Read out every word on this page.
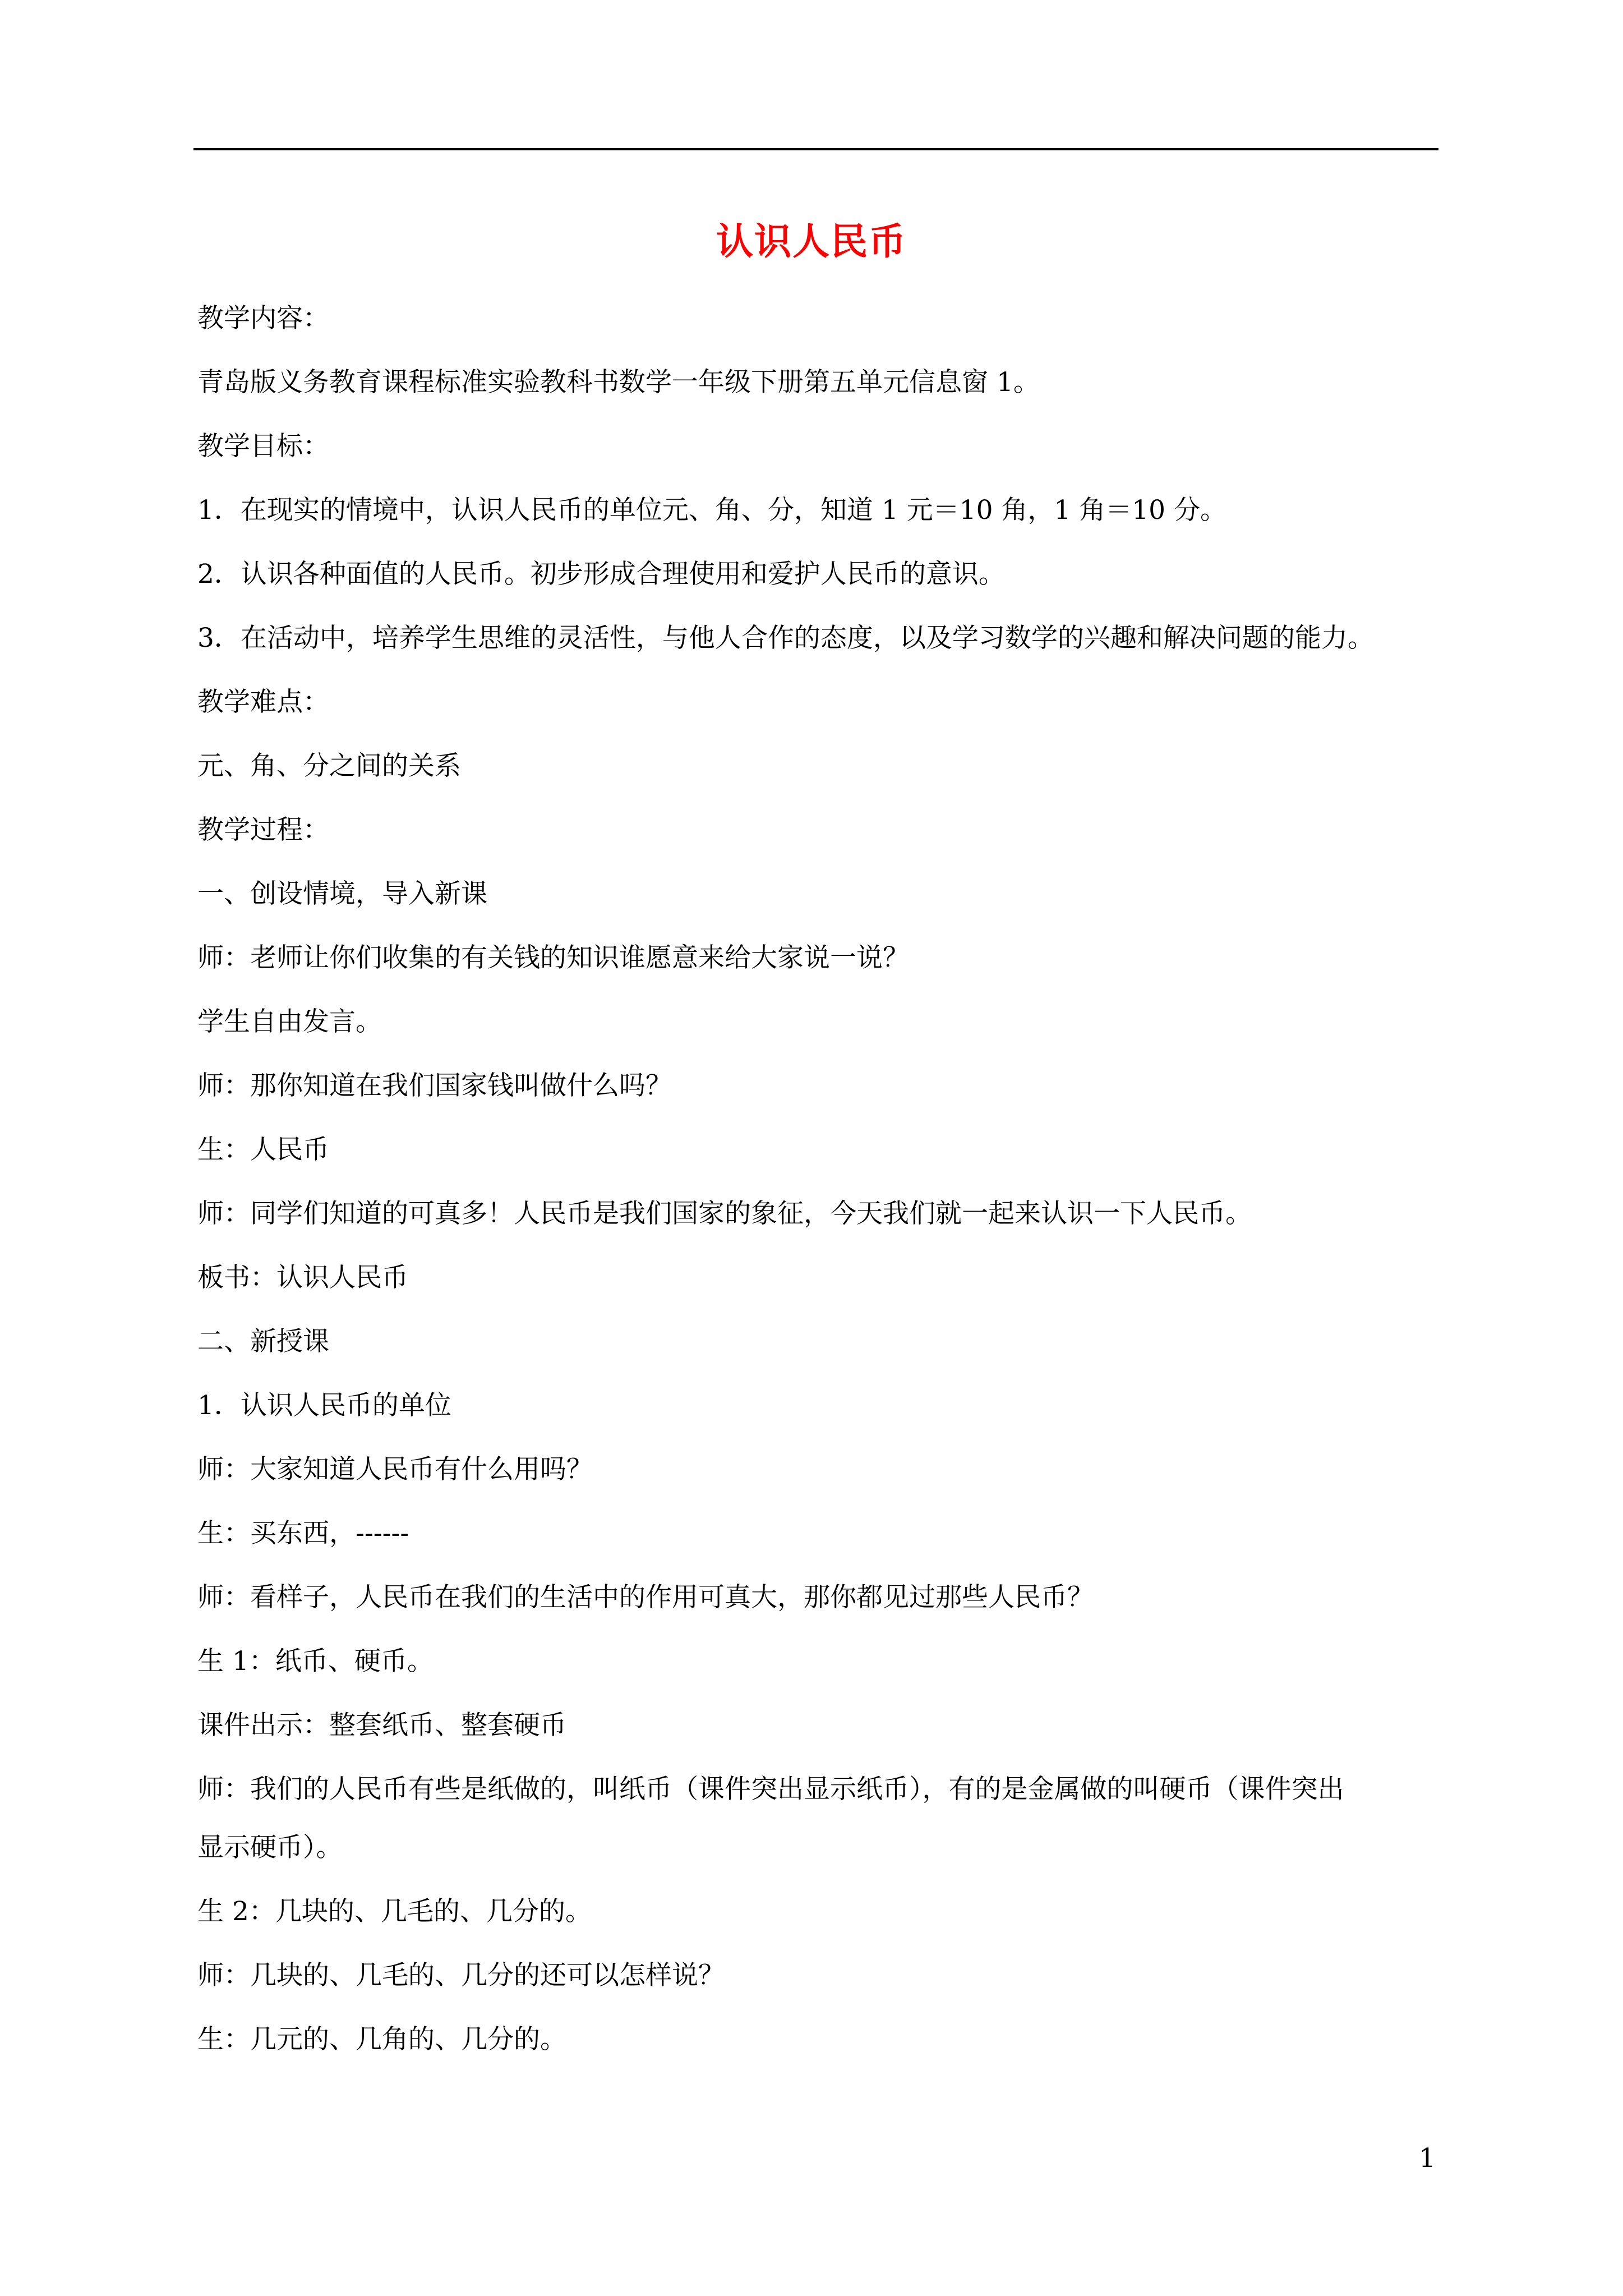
认识人民币
教学内容：
青岛版义务教育课程标准实验教科书数学一年级下册第五单元信息窗 1。
教学目标：
1．在现实的情境中，认识人民币的单位元、角、分，知道 1 元＝10 角，1 角＝10 分。
2．认识各种面值的人民币。初步形成合理使用和爱护人民币的意识。
3．在活动中，培养学生思维的灵活性，与他人合作的态度，以及学习数学的兴趣和解决问题的能力。
教学难点：
元、角、分之间的关系
教学过程：
一、创设情境，导入新课
师：老师让你们收集的有关钱的知识谁愿意来给大家说一说？
学生自由发言。
师：那你知道在我们国家钱叫做什么吗？
生：人民币
师：同学们知道的可真多！人民币是我们国家的象征，今天我们就一起来认识一下人民币。
板书：认识人民币
二、新授课
1．认识人民币的单位
师：大家知道人民币有什么用吗？
生：买东西，------
师：看样子，人民币在我们的生活中的作用可真大，那你都见过那些人民币？
生 1：纸币、硬币。
课件出示：整套纸币、整套硬币
师：我们的人民币有些是纸做的，叫纸币（课件突出显示纸币），有的是金属做的叫硬币（课件突出
显示硬币）。
生 2：几块的、几毛的、几分的。
师：几块的、几毛的、几分的还可以怎样说？
生：几元的、几角的、几分的。
1
